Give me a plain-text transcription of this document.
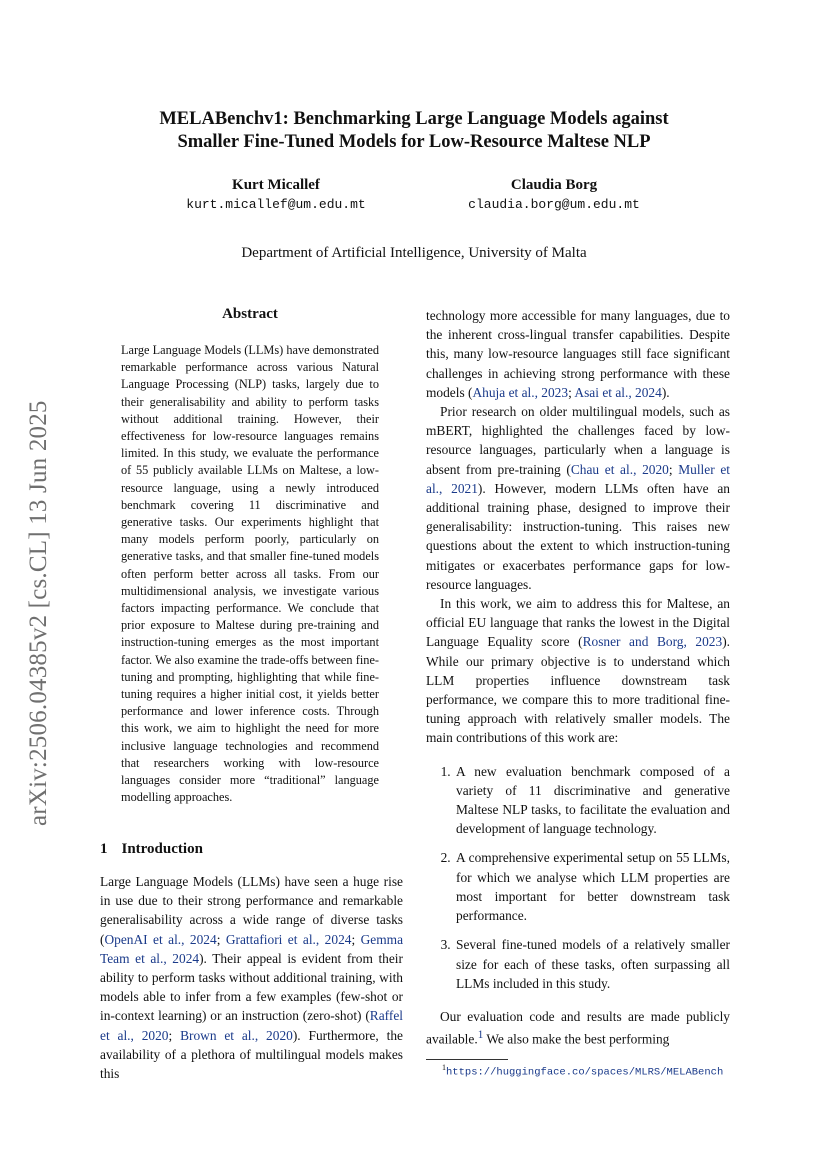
arXiv:2506.04385v2 [cs.CL] 13 Jun 2025
MELABenchv1: Benchmarking Large Language Models against
Smaller Fine-Tuned Models for Low-Resource Maltese NLP
Kurt Micallef
kurt.micallef@um.edu.mt
Claudia Borg
claudia.borg@um.edu.mt
Department of Artificial Intelligence, University of Malta
Abstract
Large Language Models (LLMs) have demonstrated remarkable performance across various Natural Language Processing (NLP) tasks, largely due to their generalisability and ability to perform tasks without additional training. However, their effectiveness for low-resource languages remains limited. In this study, we evaluate the performance of 55 publicly available LLMs on Maltese, a low-resource language, using a newly introduced benchmark covering 11 discriminative and generative tasks. Our experiments highlight that many models perform poorly, particularly on generative tasks, and that smaller fine-tuned models often perform better across all tasks. From our multidimensional analysis, we investigate various factors impacting performance. We conclude that prior exposure to Maltese during pre-training and instruction-tuning emerges as the most important factor. We also examine the trade-offs between fine-tuning and prompting, highlighting that while fine-tuning requires a higher initial cost, it yields better performance and lower inference costs. Through this work, we aim to highlight the need for more inclusive language technologies and recommend that researchers working with low-resource languages consider more “traditional” language modelling approaches.
1 Introduction

Large Language Models (LLMs) have seen a huge rise in use due to their strong performance and remarkable generalisability across a wide range of diverse tasks (OpenAI et al., 2024; Grattafiori et al., 2024; Gemma Team et al., 2024). Their appeal is evident from their ability to perform tasks without additional training, with models able to infer from a few examples (few-shot or in-context learning) or an instruction (zero-shot) (Raffel et al., 2020; Brown et al., 2020). Furthermore, the availability of a plethora of multilingual models makes this

technology more accessible for many languages, due to the inherent cross-lingual transfer capabilities. Despite this, many low-resource languages still face significant challenges in achieving strong performance with these models (Ahuja et al., 2023; Asai et al., 2024).

Prior research on older multilingual models, such as mBERT, highlighted the challenges faced by low-resource languages, particularly when a language is absent from pre-training (Chau et al., 2020; Muller et al., 2021). However, modern LLMs often have an additional training phase, designed to improve their generalisability: instruction-tuning. This raises new questions about the extent to which instruction-tuning mitigates or exacerbates performance gaps for low-resource languages.

In this work, we aim to address this for Maltese, an official EU language that ranks the lowest in the Digital Language Equality score (Rosner and Borg, 2023). While our primary objective is to understand which LLM properties influence downstream task performance, we compare this to more traditional fine-tuning approach with relatively smaller models. The main contributions of this work are:

1. A new evaluation benchmark composed of a variety of 11 discriminative and generative Maltese NLP tasks, to facilitate the evaluation and development of language technology.
2. A comprehensive experimental setup on 55 LLMs, for which we analyse which LLM properties are most important for better downstream task performance.
3. Several fine-tuned models of a relatively smaller size for each of these tasks, often surpassing all LLMs included in this study.

Our evaluation code and results are made publicly available.$^1$ We also make the best performing

$^1$https://huggingface.co/spaces/MLRS/MELABench
